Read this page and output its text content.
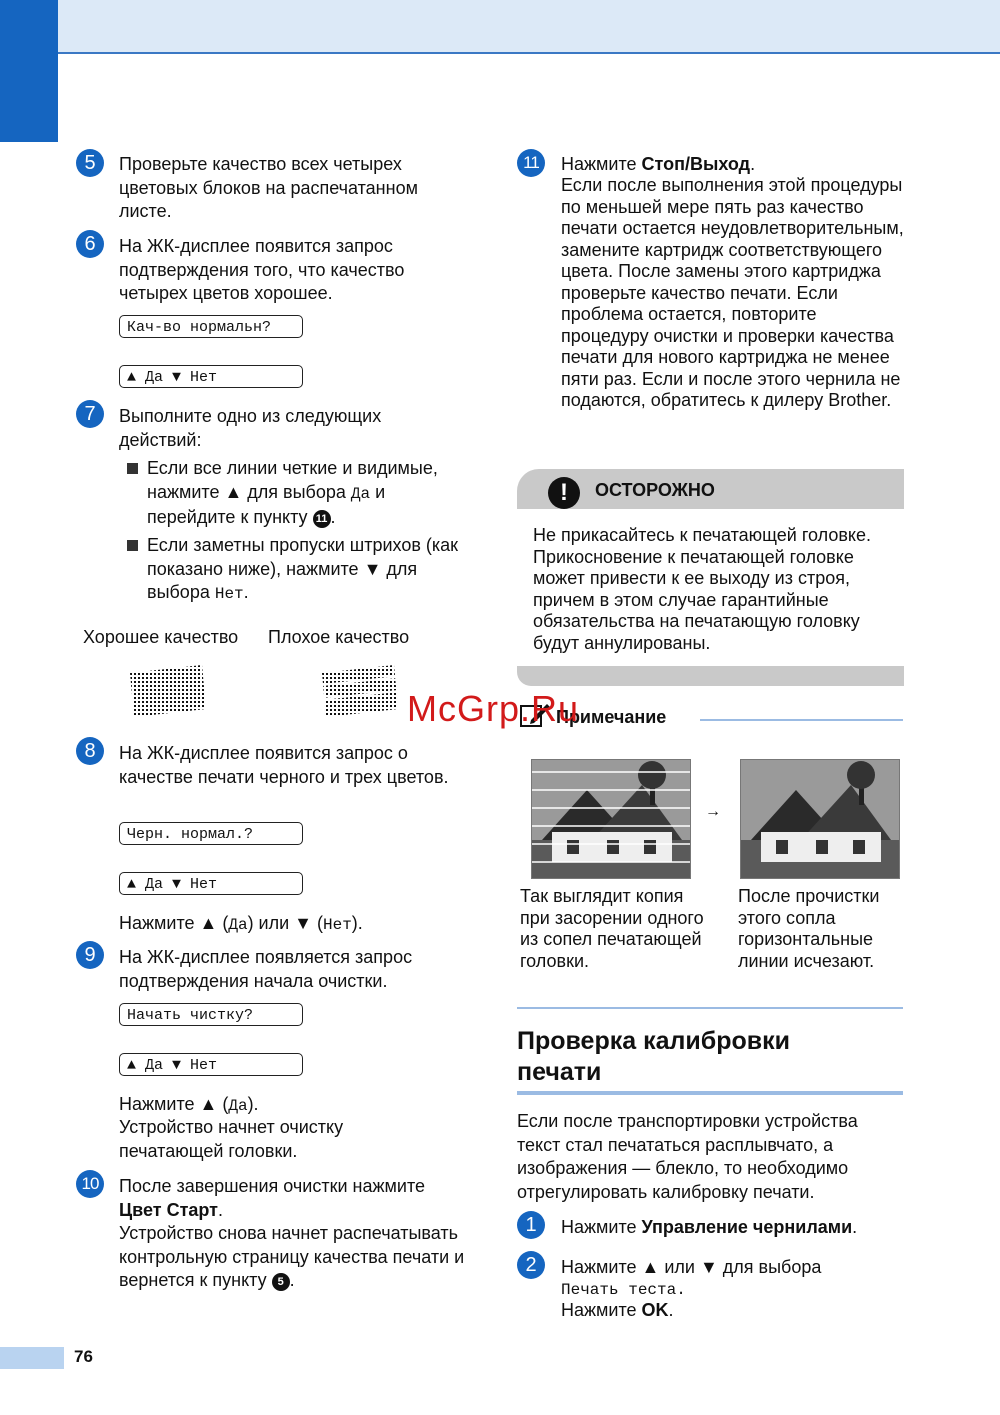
5	Проверьте качество всех четырех цветовых блоков на распечатанном листе.
6	На ЖК-дисплее появится запрос подтверждения того, что качество четырех цветов хорошее.
Кач-во нормальн?
▲ Да ▼ Нет
7	Выполните одно из следующих действий:
Если все линии четкие и видимые, нажмите ▲ для выбора Да и перейдите к пункту 11 .
Если заметны пропуски штрихов (как показано ниже), нажмите ▼ для выбора Нет.
Хорошее качество Плохое качество
8	На ЖК-дисплее появится запрос о качестве печати черного и трех цветов.
Черн. нормал.?
▲ Да ▼ Нет
Нажмите ▲ (Да) или ▼ (Нет).
9	На ЖК-дисплее появляется запрос подтверждения начала очистки.
Начать чистку?
▲ Да ▼ Нет
Нажмите ▲ (Да).
Устройство начнет очистку печатающей головки.
10	После завершения очистки нажмите Цвет Старт.
Устройство снова начнет распечатывать контрольную страницу качества печати и вернется к пункту 5 .
11	Нажмите Стоп/Выход.
Если после выполнения этой процедуры по меньшей мере пять раз качество печати остается неудовлетворительным, замените картридж соответствующего цвета. После замены этого картриджа проверьте качество печати. Если проблема остается, повторите процедуру очистки и проверки качества печати для нового картриджа не менее пяти раз. Если и после этого чернила не подаются, обратитесь к дилеру Brother.
!	ОСТОРОЖНО
Не прикасайтесь к печатающей головке. Прикосновение к печатающей головке может привести к ее выходу из строя, причем в этом случае гарантийные обязательства на печатающую головку будут аннулированы.
Примечание
→
Так выглядит копия при засорении одного из сопел печатающей головки.
После прочистки этого сопла горизонтальные линии исчезают.
Проверка калибровки печати
Если после транспортировки устройства текст стал печататься расплывчато, а изображения — блекло, то необходимо отрегулировать калибровку печати.
1	Нажмите Управление чернилами.
2	Нажмите ▲ или ▼ для выбора
Печать теста.
Нажмите OK.
76
McGrp.Ru
